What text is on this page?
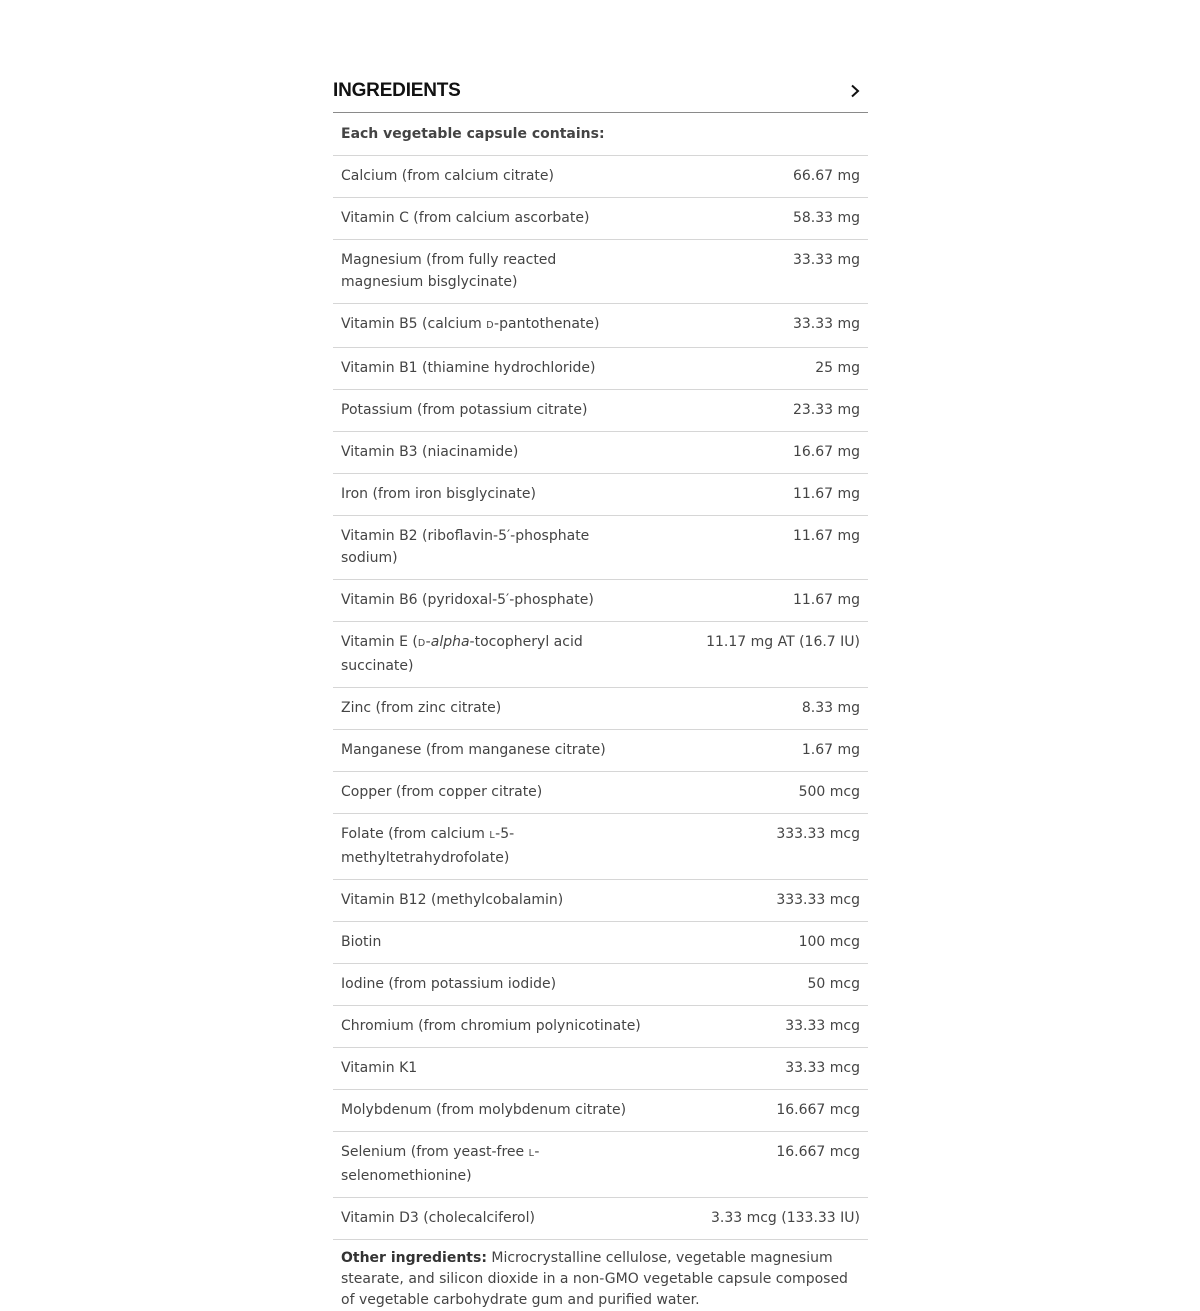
INGREDIENTS
Each vegetable capsule contains:
Calcium (from calcium citrate)	66.67 mg
Vitamin C (from calcium ascorbate)	58.33 mg
Magnesium (from fully reacted magnesium bisglycinate)	33.33 mg
Vitamin B5 (calcium D-pantothenate)	33.33 mg
Vitamin B1 (thiamine hydrochloride)	25 mg
Potassium (from potassium citrate)	23.33 mg
Vitamin B3 (niacinamide)	16.67 mg
Iron (from iron bisglycinate)	11.67 mg
Vitamin B2 (riboflavin-5′-phosphate sodium)	11.67 mg
Vitamin B6 (pyridoxal-5′-phosphate)	11.67 mg
Vitamin E (D-alpha-tocopheryl acid succinate)	11.17 mg AT (16.7 IU)
Zinc (from zinc citrate)	8.33 mg
Manganese (from manganese citrate)	1.67 mg
Copper (from copper citrate)	500 mcg
Folate (from calcium L-5-methyltetrahydrofolate)	333.33 mcg
Vitamin B12 (methylcobalamin)	333.33 mcg
Biotin	100 mcg
Iodine (from potassium iodide)	50 mcg
Chromium (from chromium polynicotinate)	33.33 mcg
Vitamin K1	33.33 mcg
Molybdenum (from molybdenum citrate)	16.667 mcg
Selenium (from yeast-free L-selenomethionine)	16.667 mcg
Vitamin D3 (cholecalciferol)	3.33 mcg (133.33 IU)
Other ingredients: Microcrystalline cellulose, vegetable magnesium stearate, and silicon dioxide in a non-GMO vegetable capsule composed of vegetable carbohydrate gum and purified water.
